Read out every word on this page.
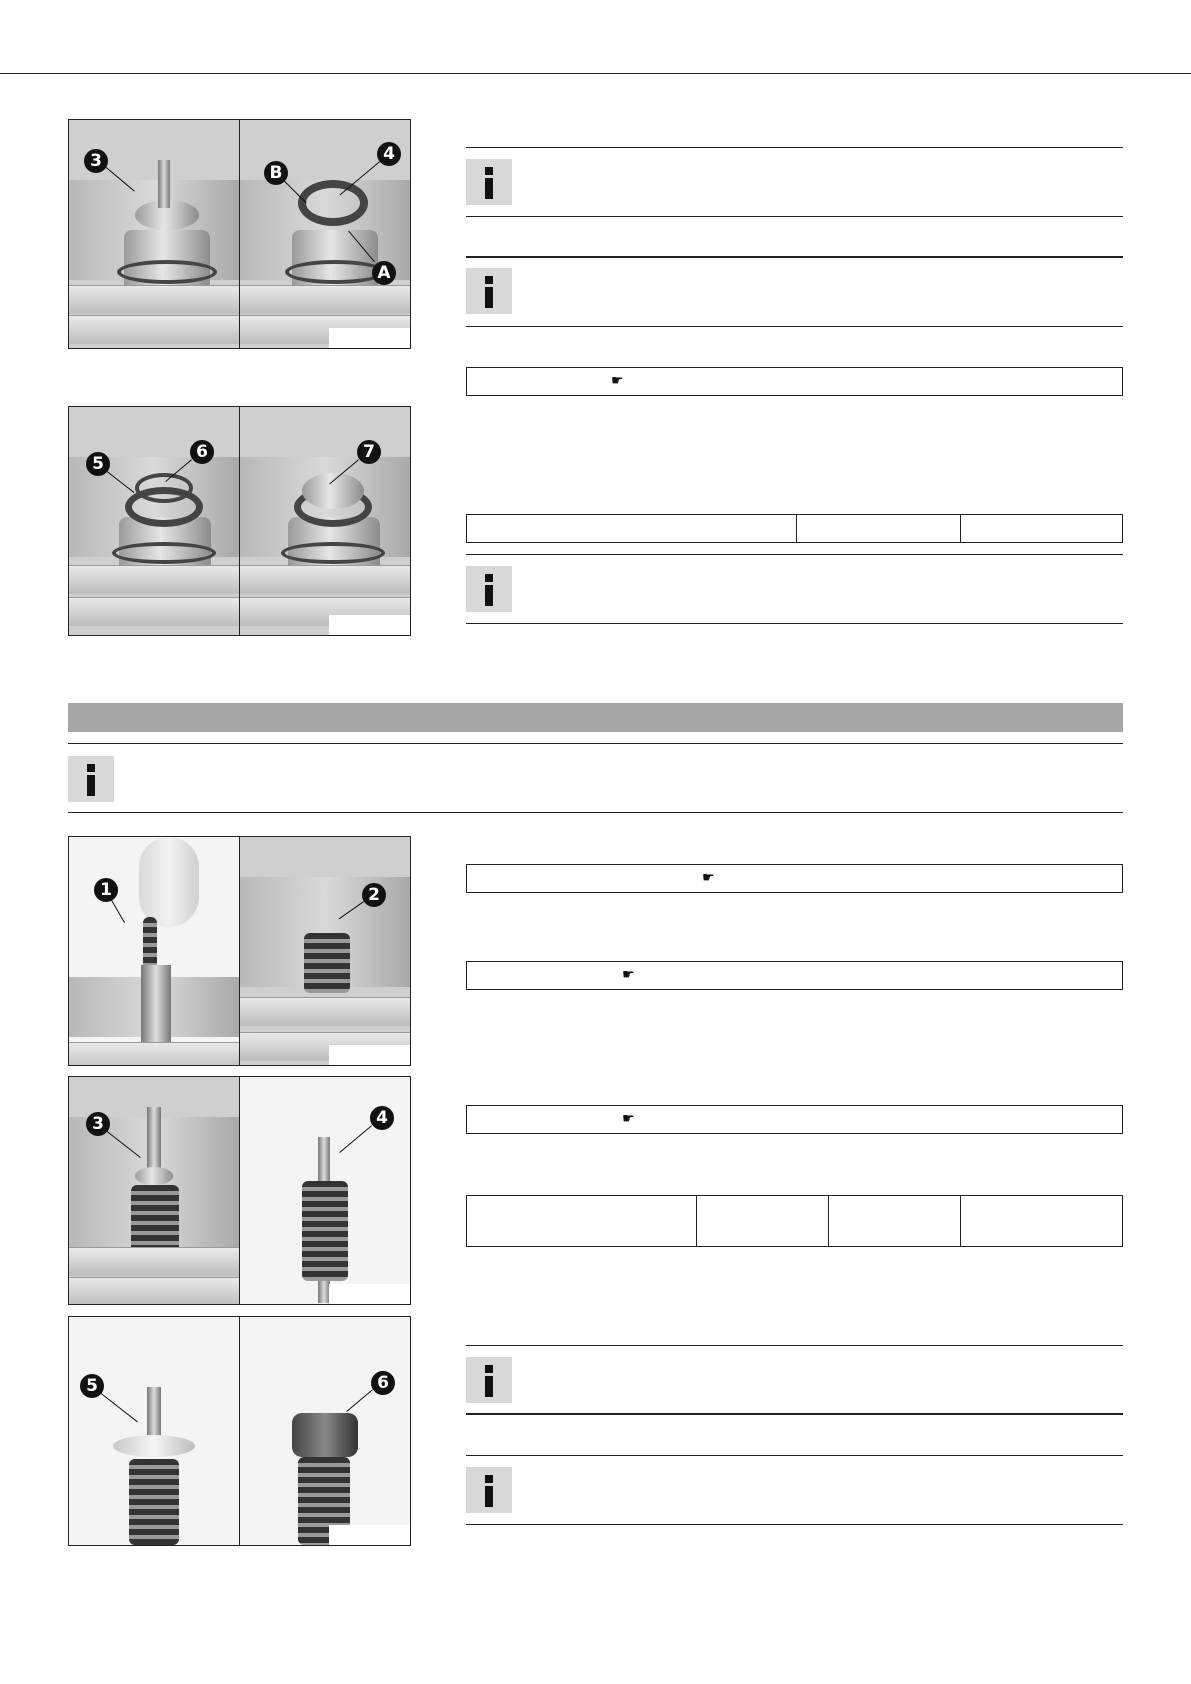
3
B
4
A
5
6	7
☛

1	2
3	4
5	6
☛
☛
☛
